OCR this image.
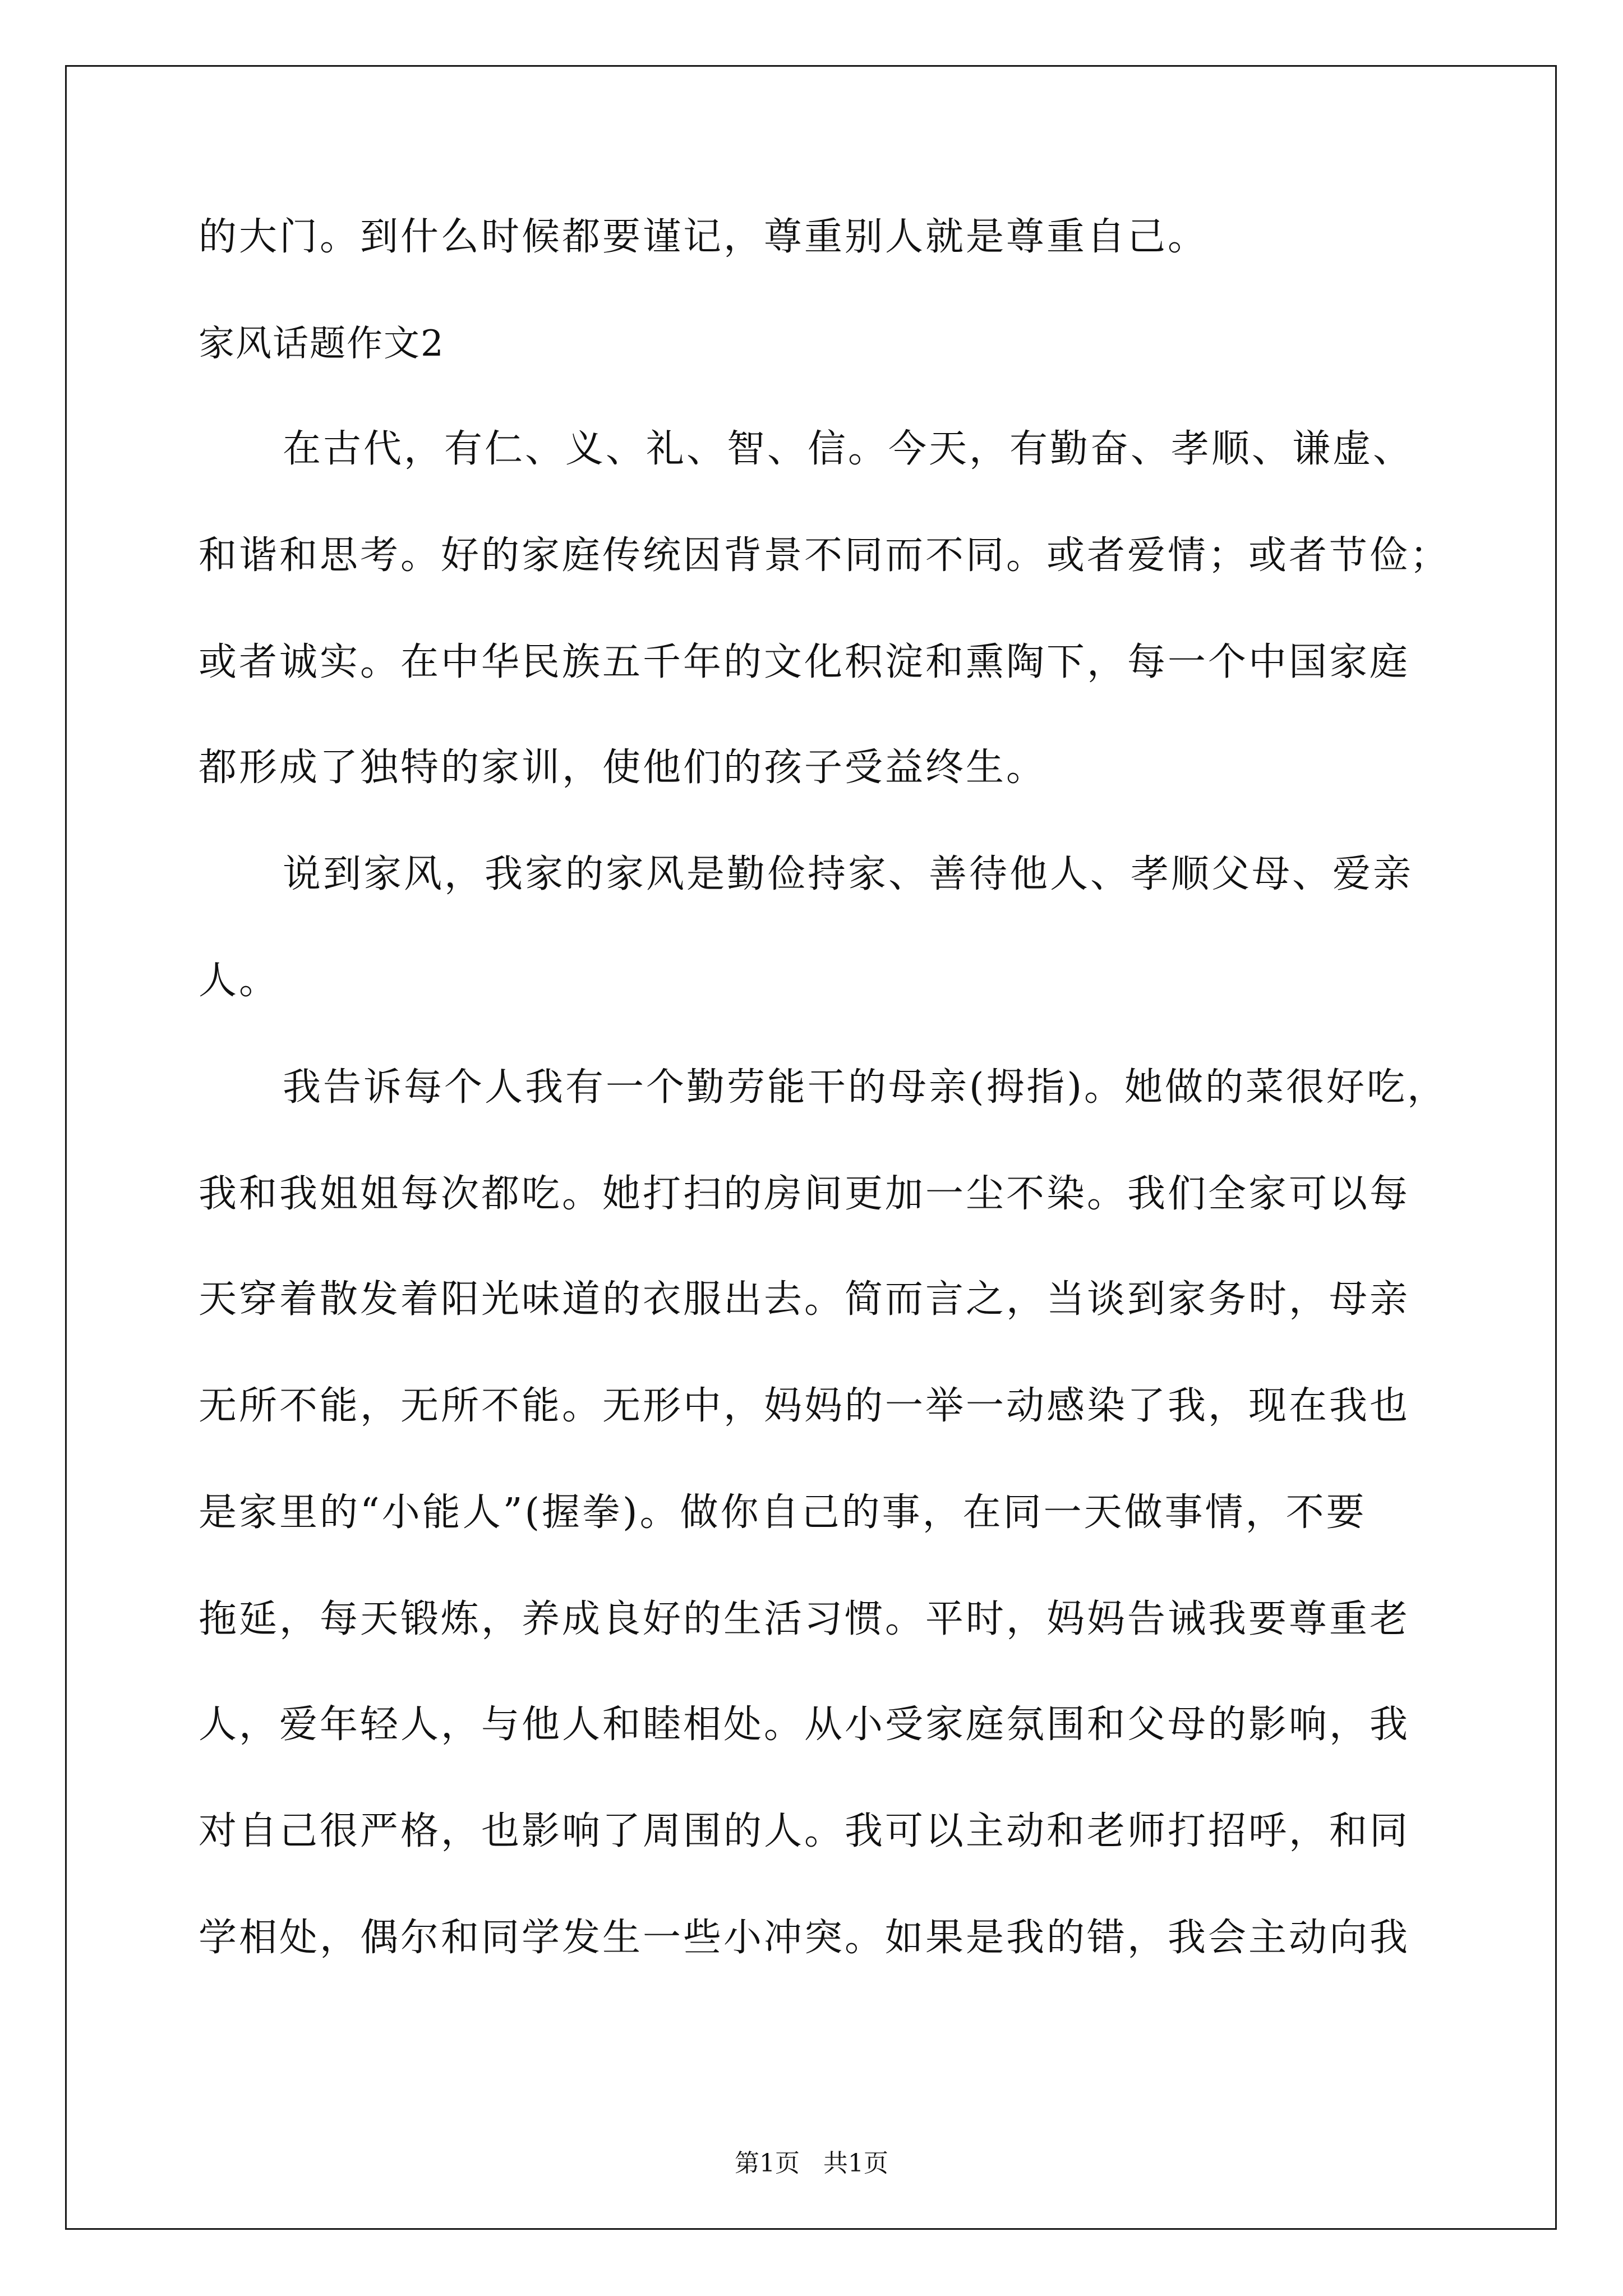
的大门。到什么时候都要谨记，尊重别人就是尊重自己。
家风话题作文2
在古代，有仁、义、礼、智、信。今天，有勤奋、孝顺、谦虚、
和谐和思考。好的家庭传统因背景不同而不同。或者爱情；或者节俭；
或者诚实。在中华民族五千年的文化积淀和熏陶下，每一个中国家庭
都形成了独特的家训，使他们的孩子受益终生。
说到家风，我家的家风是勤俭持家、善待他人、孝顺父母、爱亲
人。
我告诉每个人我有一个勤劳能干的母亲(拇指)。她做的菜很好吃，
我和我姐姐每次都吃。她打扫的房间更加一尘不染。我们全家可以每
天穿着散发着阳光味道的衣服出去。简而言之，当谈到家务时，母亲
无所不能，无所不能。无形中，妈妈的一举一动感染了我，现在我也
是家里的“小能人”(握拳)。做你自己的事，在同一天做事情，不要
拖延，每天锻炼，养成良好的生活习惯。平时，妈妈告诫我要尊重老
人，爱年轻人，与他人和睦相处。从小受家庭氛围和父母的影响，我
对自己很严格，也影响了周围的人。我可以主动和老师打招呼，和同
学相处，偶尔和同学发生一些小冲突。如果是我的错，我会主动向我
第1页   共1页
